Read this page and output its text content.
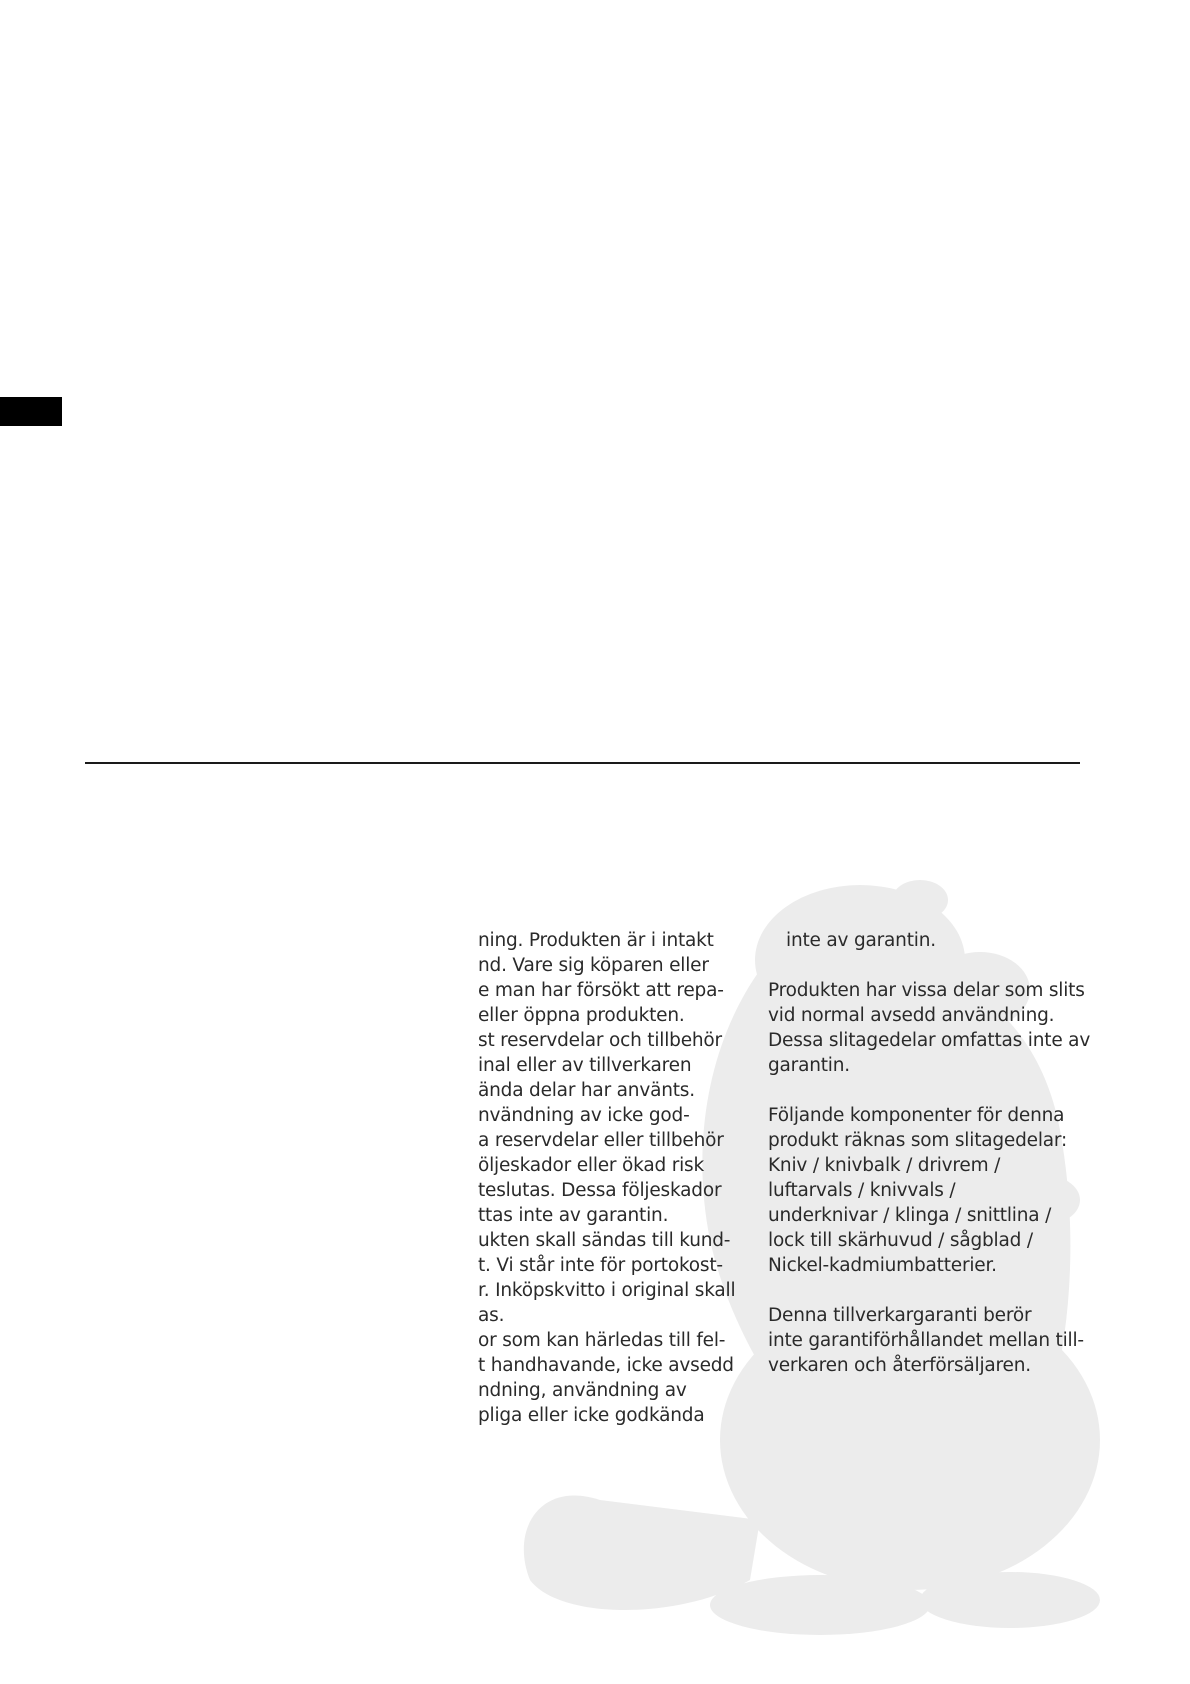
ning. Produkten är i intakt
nd. Vare sig köparen eller
e man har försökt att repa-
eller öppna produkten.
st reservdelar och tillbehör
inal eller av tillverkaren
ända delar har använts.
nvändning av icke god-
a reservdelar eller tillbehör
öljeskador eller ökad risk
teslutas. Dessa följeskador
ttas inte av garantin.
ukten skall sändas till kund-
t. Vi står inte för portokost-
r. Inköpskvitto i original skall
as.
or som kan härledas till fel-
t handhavande, icke avsedd
ndning, användning av
pliga eller icke godkända
inte av garantin.
Produkten har vissa delar som slits
vid normal avsedd användning.
Dessa slitagedelar omfattas inte av
garantin.
Följande komponenter för denna
produkt räknas som slitagedelar:
Kniv / knivbalk / drivrem /
luftarvals / knivvals /
underknivar / klinga / snittlina /
lock till skärhuvud / sågblad /
Nickel-kadmiumbatterier.
Denna tillverkargaranti berör
inte garantiförhållandet mellan till-
verkaren och återförsäljaren.
